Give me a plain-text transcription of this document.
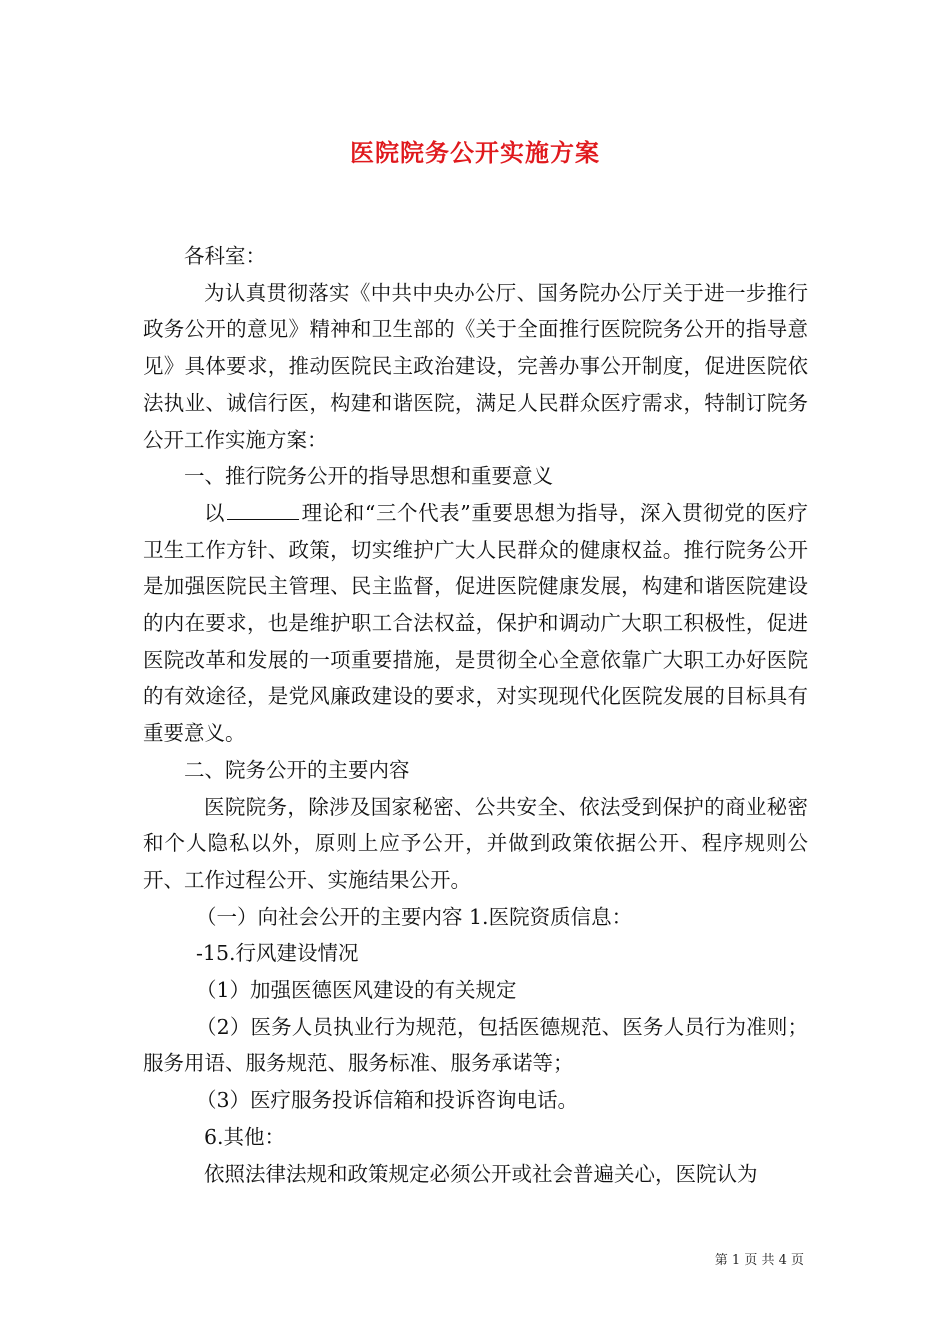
医院院务公开实施方案

各科室：

为认真贯彻落实《中共中央办公厅、国务院办公厅关于进一步推行政务公开的意见》精神和卫生部的《关于全面推行医院院务公开的指导意见》具体要求，推动医院民主政治建设，完善办事公开制度，促进医院依法执业、诚信行医，构建和谐医院，满足人民群众医疗需求，特制订院务公开工作实施方案：

一、推行院务公开的指导思想和重要意义

以	理论和“三个代表”重要思想为指导，深入贯彻党的医疗卫生工作方针、政策，切实维护广大人民群众的健康权益。推行院务公开是加强医院民主管理、民主监督，促进医院健康发展，构建和谐医院建设的内在要求，也是维护职工合法权益，保护和调动广大职工积极性，促进医院改革和发展的一项重要措施，是贯彻全心全意依靠广大职工办好医院的有效途径，是党风廉政建设的要求，对实现现代化医院发展的目标具有重要意义。

二、院务公开的主要内容

医院院务，除涉及国家秘密、公共安全、依法受到保护的商业秘密和个人隐私以外，原则上应予公开，并做到政策依据公开、程序规则公开、工作过程公开、实施结果公开。

（一）向社会公开的主要内容 1.医院资质信息：

-15.行风建设情况

（1）加强医德医风建设的有关规定

（2）医务人员执业行为规范，包括医德规范、医务人员行为准则；服务用语、服务规范、服务标准、服务承诺等；

（3）医疗服务投诉信箱和投诉咨询电话。

6.其他：

依照法律法规和政策规定必须公开或社会普遍关心，医院认为

第 1 页 共 4 页
